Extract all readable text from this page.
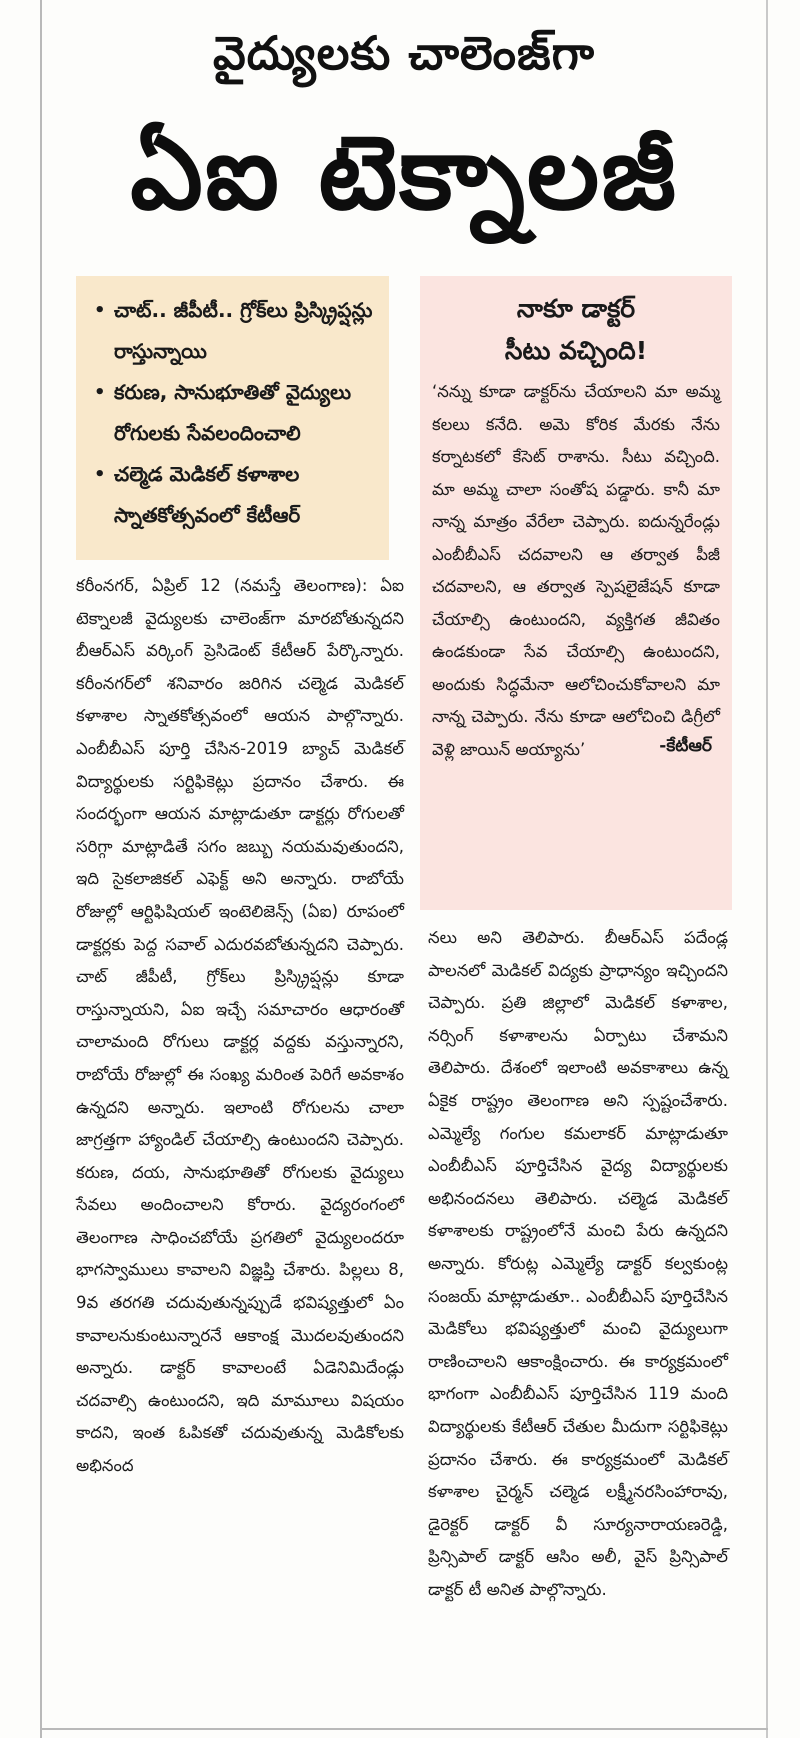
వైద్యులకు చాలెంజ్‌గా
ఏఐ టెక్నాలజీ
• చాట్.. జీపీటీ.. గ్రోక్‌లు ప్రిస్క్రిప్షన్లు రాస్తున్నాయి
• కరుణ, సానుభూతితో వైద్యులు రోగులకు సేవలందించాలి
• చల్మెడ మెడికల్ కళాశాల స్నాతకోత్సవంలో కేటీఆర్
నాకూ డాక్టర్
సీటు వచ్చింది!
‘నన్ను కూడా డాక్టర్‌ను చేయాలని మా అమ్మ కలలు కనేది. అమె కోరిక మేరకు నేను కర్నాటకలో కేసెట్ రాశాను. సీటు వచ్చింది. మా అమ్మ చాలా సంతోష పడ్డారు. కానీ మా నాన్న మాత్రం వేరేలా చెప్పారు. ఐదున్నరేండ్లు ఎంబీబీఎస్ చదవాలని ఆ తర్వాత పీజీ చదవాలని, ఆ తర్వాత స్పెషలైజేషన్ కూడా చేయాల్సి ఉంటుందని, వ్యక్తిగత జీవితం ఉండకుండా సేవ చేయాల్సి ఉంటుందని, అందుకు సిద్ధమేనా ఆలోచించుకోవాలని మా నాన్న చెప్పారు. నేను కూడా ఆలోచించి డిగ్రీలో వెళ్లి జాయిన్ అయ్యాను’	-కేటీఆర్
కరీంనగర్, ఏప్రిల్ 12 (నమస్తే తెలంగాణ): ఏఐ టెక్నాలజీ వైద్యులకు చాలెంజ్‌గా మారబోతున్నదని బీఆర్‌ఎస్ వర్కింగ్ ప్రెసిడెంట్ కేటీఆర్ పేర్కొన్నారు. కరీంనగర్‌లో శనివారం జరిగిన చల్మెడ మెడికల్ కళాశాల స్నాతకోత్సవంలో ఆయన పాల్గొన్నారు. ఎంబీబీఎస్ పూర్తి చేసిన-2019 బ్యాచ్ మెడికల్ విద్యార్థులకు సర్టిఫికెట్లు ప్రదానం చేశారు. ఈ సందర్భంగా ఆయన మాట్లాడుతూ డాక్టర్లు రోగులతో సరిగ్గా మాట్లాడితే సగం జబ్బు నయమవుతుందని, ఇది సైకలాజికల్ ఎఫెక్ట్ అని అన్నారు. రాబోయే రోజుల్లో ఆర్టిఫిషియల్ ఇంటెలిజెన్స్ (ఏఐ) రూపంలో డాక్టర్లకు పెద్ద సవాల్ ఎదురవబోతున్నదని చెప్పారు. చాట్ జీపీటీ, గ్రోక్‌లు ప్రిస్క్రిప్షన్లు కూడా రాస్తున్నాయని, ఏఐ ఇచ్చే సమాచారం ఆధారంతో చాలామంది రోగులు డాక్టర్ల వద్దకు వస్తున్నారని, రాబోయే రోజుల్లో ఈ సంఖ్య మరింత పెరిగే అవకాశం ఉన్నదని అన్నారు. ఇలాంటి రోగులను చాలా జాగ్రత్తగా హ్యాండిల్ చేయాల్సి ఉంటుందని చెప్పారు. కరుణ, దయ, సానుభూతితో రోగులకు వైద్యులు సేవలు అందించాలని కోరారు. వైద్యరంగంలో తెలంగాణ సాధించబోయే ప్రగతిలో వైద్యులందరూ భాగస్వాములు కావాలని విజ్ఞప్తి చేశారు. పిల్లలు 8, 9వ తరగతి చదువుతున్నప్పుడే భవిష్యత్తులో ఏం కావాలనుకుంటున్నారనే ఆకాంక్ష మొదలవుతుందని అన్నారు. డాక్టర్ కావాలంటే ఏడెనిమిదేండ్లు చదవాల్సి ఉంటుందని, ఇది మామూలు విషయం కాదని, ఇంత ఓపికతో చదువుతున్న మెడికోలకు అభినంద
నలు అని తెలిపారు. బీఆర్‌ఎస్ పదేండ్ల పాలనలో మెడికల్ విద్యకు ప్రాధాన్యం ఇచ్చిందని చెప్పారు. ప్రతి జిల్లాలో మెడికల్ కళాశాల, నర్సింగ్ కళాశాలను ఏర్పాటు చేశామని తెలిపారు. దేశంలో ఇలాంటి అవకాశాలు ఉన్న ఏకైక రాష్ట్రం తెలంగాణ అని స్పష్టంచేశారు. ఎమ్మెల్యే గంగుల కమలాకర్ మాట్లాడుతూ ఎంబీబీఎస్ పూర్తిచేసిన వైద్య విద్యార్థులకు అభినందనలు తెలిపారు. చల్మెడ మెడికల్ కళాశాలకు రాష్ట్రంలోనే మంచి పేరు ఉన్నదని అన్నారు. కోరుట్ల ఎమ్మెల్యే డాక్టర్ కల్వకుంట్ల సంజయ్ మాట్లాడుతూ.. ఎంబీబీఎస్ పూర్తిచేసిన మెడికోలు భవిష్యత్తులో మంచి వైద్యులుగా రాణించాలని ఆకాంక్షించారు. ఈ కార్యక్రమంలో భాగంగా ఎంబీబీఎస్ పూర్తిచేసిన 119 మంది విద్యార్థులకు కేటీఆర్ చేతుల మీదుగా సర్టిఫికెట్లు ప్రదానం చేశారు. ఈ కార్యక్రమంలో మెడికల్ కళాశాల చైర్మన్ చల్మెడ లక్ష్మీనరసింహారావు, డైరెక్టర్ డాక్టర్ వీ సూర్యనారాయణరెడ్డి, ప్రిన్సిపాల్ డాక్టర్ ఆసిం అలీ, వైస్ ప్రిన్సిపాల్ డాక్టర్ టీ అనిత పాల్గొన్నారు.
